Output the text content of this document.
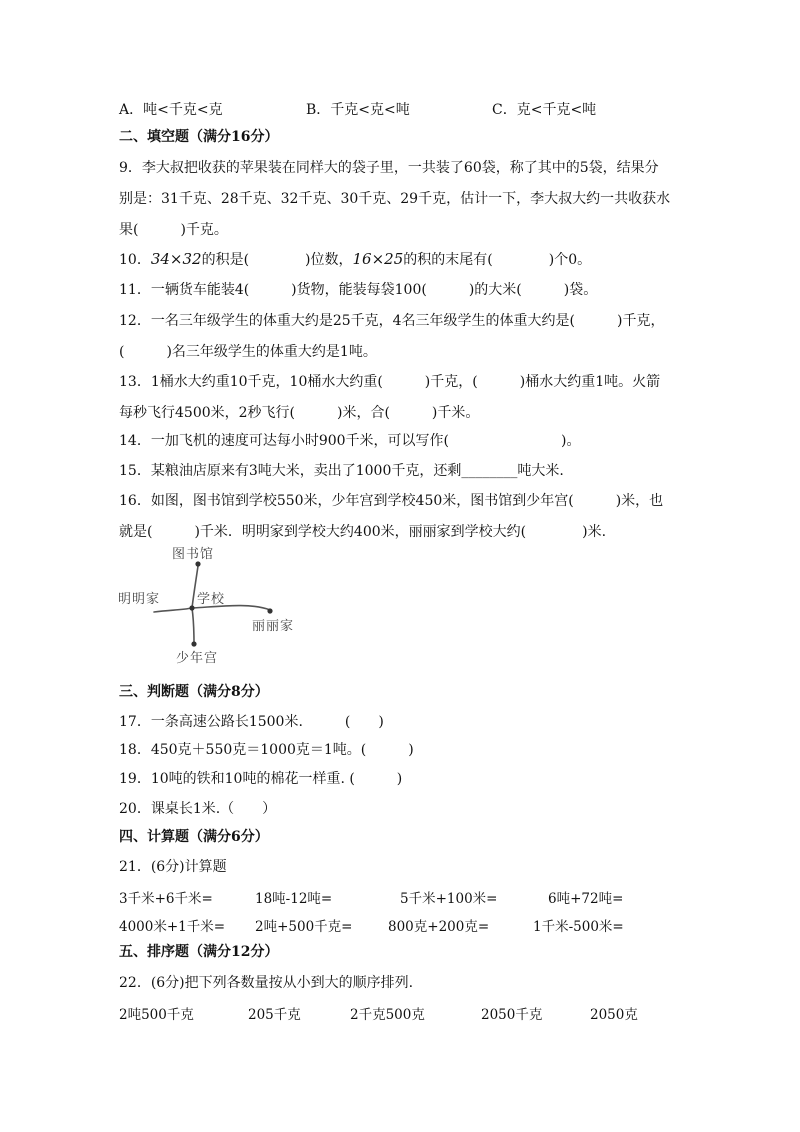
A．吨<千克<克	B．千克<克<吨	C．克<千克<吨
二、填空题（满分16分）
9．李大叔把收获的苹果装在同样大的袋子里，一共装了60袋，称了其中的5袋，结果分
别是：31千克、28千克、32千克、30千克、29千克，估计一下，李大叔大约一共收获水
果(　　　)千克。
10．34×32的积是(　　　　)位数，16×25的积的末尾有(　　　　)个0。
11．一辆货车能装4(　　　)货物，能装每袋100(　　　)的大米(　　　)袋。
12．一名三年级学生的体重大约是25千克，4名三年级学生的体重大约是(　　　)千克，
(　　　)名三年级学生的体重大约是1吨。
13．1桶水大约重10千克，10桶水大约重(　　　)千克，(　　　)桶水大约重1吨。火箭
每秒飞行4500米，2秒飞行(　　　)米，合(　　　)千米。
14．一加飞机的速度可达每小时900千米，可以写作(　　　　　　　　)。
15．某粮油店原来有3吨大米，卖出了1000千克，还剩________吨大米.
16．如图，图书馆到学校550米，少年宫到学校450米，图书馆到少年宫(　　　)米，也
就是(　　　)千米．明明家到学校大约400米，丽丽家到学校大约(　　　　)米.
图书馆
明明家	学校
丽丽家
少年宫
三、判断题（满分8分）
17．一条高速公路长1500米.　　　(　　)
18．450克＋550克＝1000克＝1吨。(　　　)
19．10吨的铁和10吨的棉花一样重. (　　　)
20．课桌长1米.（　　）
四、计算题（满分6分）
21．(6分)计算题
3千米+6千米=	18吨-12吨=	5千米+100米=	6吨+72吨=
4000米+1千米= 2吨+500千克=	800克+200克=	1千米-500米=
五、排序题（满分12分）
22．(6分)把下列各数量按从小到大的顺序排列.
2吨500千克	205千克	2千克500克	2050千克	2050克
